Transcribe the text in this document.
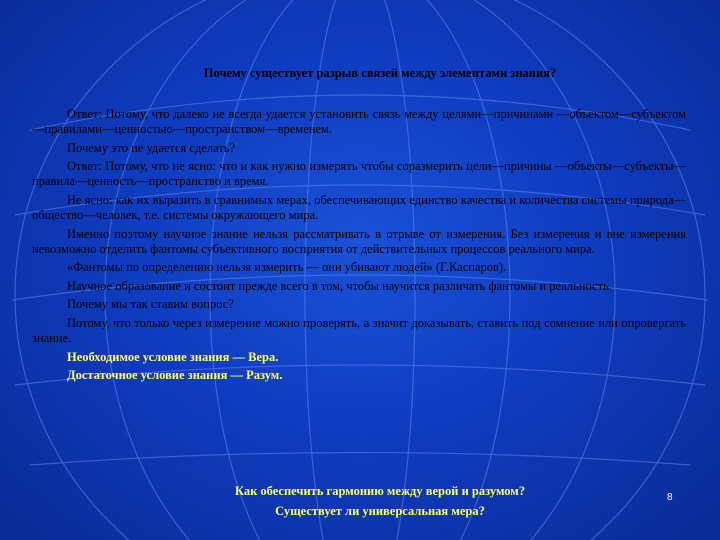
Почему существует разрыв связей между элементами знания?

Ответ: Потому, что далеко не всегда удается установить связь между целями—причинами —объектом—субъектом—правилами—ценностью—пространством—временем.

Почему это не удается сделать?

Ответ: Потому, что не ясно: что и как нужно измерять чтобы соразмерить цели—причины —объекты—субъекты—правила—ценность—пространство и время.

Не ясно: как их выразить в сравнимых мерах, обеспечивающих единство качества и количества системы природа—общество—человек, т.е. системы окружающего мира.

Именно поэтому научное знание нельзя рассматривать в отрыве от измерения. Без измерения и вне измерения невозможно отделить фантомы субъективного восприятия от действительных процессов реального мира.

«Фантомы по определению нельзя измерить — они убивают людей» (Г.Каспаров).

Научное образование и состоит прежде всего в том, чтобы научится различать фантомы и реальность.

Почему мы так ставим вопрос?

Потому, что только через измерение можно проверять, а значит доказывать, ставить под сомнение или опровергать знание.

Необходимое условие знания — Вера.

Достаточное условие знания — Разум.

Как обеспечить гармонию между верой и разумом?
Существует ли универсальная мера?
8
